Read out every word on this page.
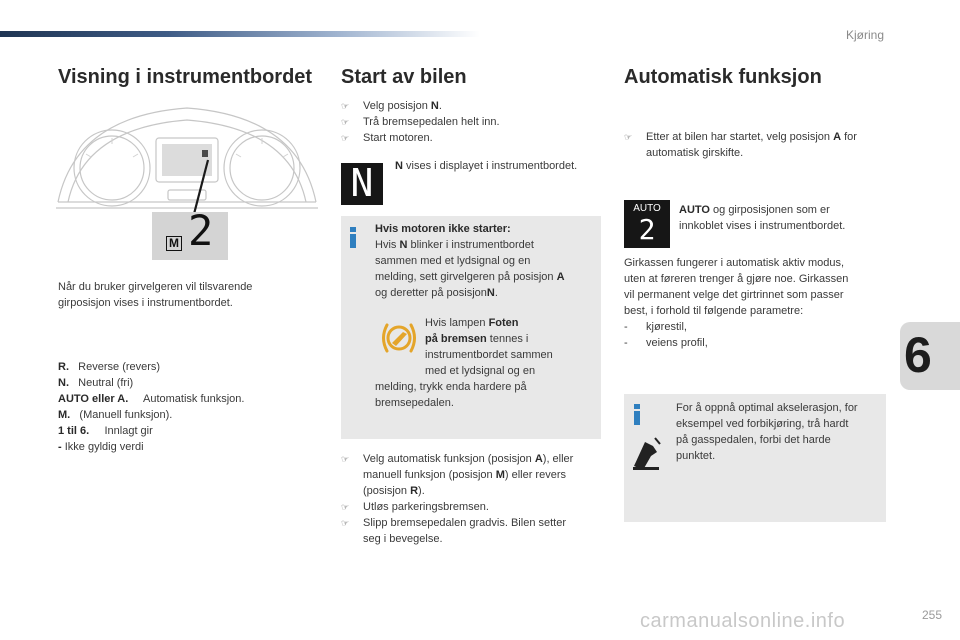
Kjøring
Visning i instrumentbordet
M 2
Når du bruker girvelgeren vil tilsvarende
girposisjon vises i instrumentbordet.
R. Reverse (revers)
N. Neutral (fri)
AUTO eller A. Automatisk funksjon.
M. (Manuell funksjon).
1 til 6. Innlagt gir
- Ikke gyldig verdi
Start av bilen
☞	Velg posisjon N.
☞	Trå bremsepedalen helt inn.
☞	Start motoren.
N	N vises i displayet i instrumentbordet.
Hvis motoren ikke starter:
Hvis N blinker i instrumentbordet
sammen med et lydsignal og en
melding, sett girvelgeren på posisjon A
og deretter på posisjonN.
Hvis lampen Foten
på bremsen tennes i
instrumentbordet sammen
med et lydsignal og en
melding, trykk enda hardere på
bremsepedalen.
☞	Velg automatisk funksjon (posisjon A), eller
manuell funksjon (posisjon M) eller revers
(posisjon R).
☞	Utløs parkeringsbremsen.
☞	Slipp bremsepedalen gradvis. Bilen setter
seg i bevegelse.
Automatisk funksjon
☞	Etter at bilen har startet, velg posisjon A for
automatisk girskifte.
AUTO
2
AUTO og girposisjonen som er
innkoblet vises i instrumentbordet.
Girkassen fungerer i automatisk aktiv modus,
uten at føreren trenger å gjøre noe. Girkassen
vil permanent velge det girtrinnet som passer
best, i forhold til følgende parametre:
- kjørestil,
- veiens profil,
For å oppnå optimal akselerasjon, for
eksempel ved forbikjøring, trå hardt
på gasspedalen, forbi det harde
punktet.
6
carmanualsonline.info	255
